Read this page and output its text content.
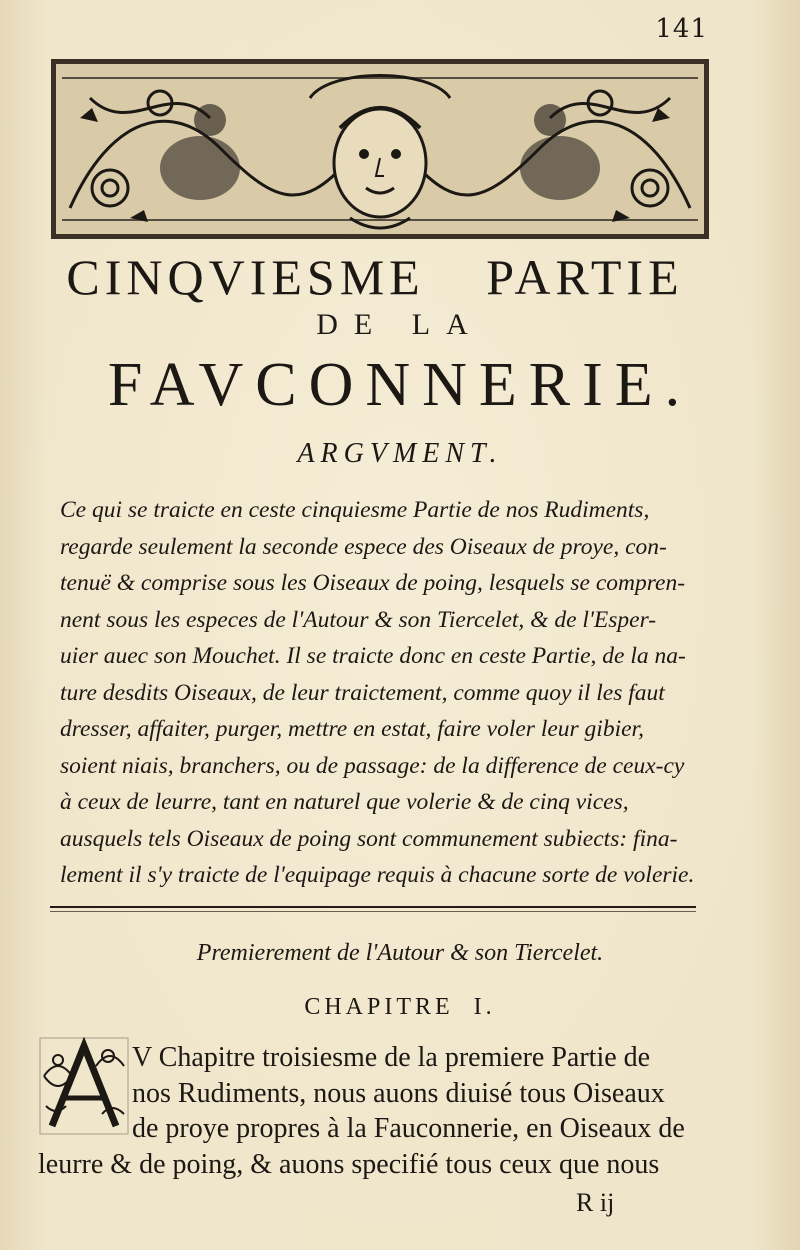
141
CINQVIESME PARTIE
DE LA
FAVCONNERIE.
ARGVMENT.
Ce qui se traicte en ceste cinquiesme Partie de nos Rudiments,
regarde seulement la seconde espece des Oiseaux de proye, con-
tenuë & comprise sous les Oiseaux de poing, lesquels se compren-
nent sous les especes de l'Autour & son Tiercelet, & de l'Esper-
uier auec son Mouchet. Il se traicte donc en ceste Partie, de la na-
ture desdits Oiseaux, de leur traictement, comme quoy il les faut
dresser, affaiter, purger, mettre en estat, faire voler leur gibier,
soient niais, branchers, ou de passage: de la difference de ceux-cy
à ceux de leurre, tant en naturel que volerie & de cinq vices,
ausquels tels Oiseaux de poing sont communement subiects: fina-
lement il s'y traicte de l'equipage requis à chacune sorte de volerie.
Premierement de l'Autour & son Tiercelet.
CHAPITRE I.
V Chapitre troisiesme de la premiere Partie de
nos Rudiments, nous auons diuisé tous Oiseaux
de proye propres à la Fauconnerie, en Oiseaux de
leurre & de poing, & auons specifié tous ceux que nous
R ij
